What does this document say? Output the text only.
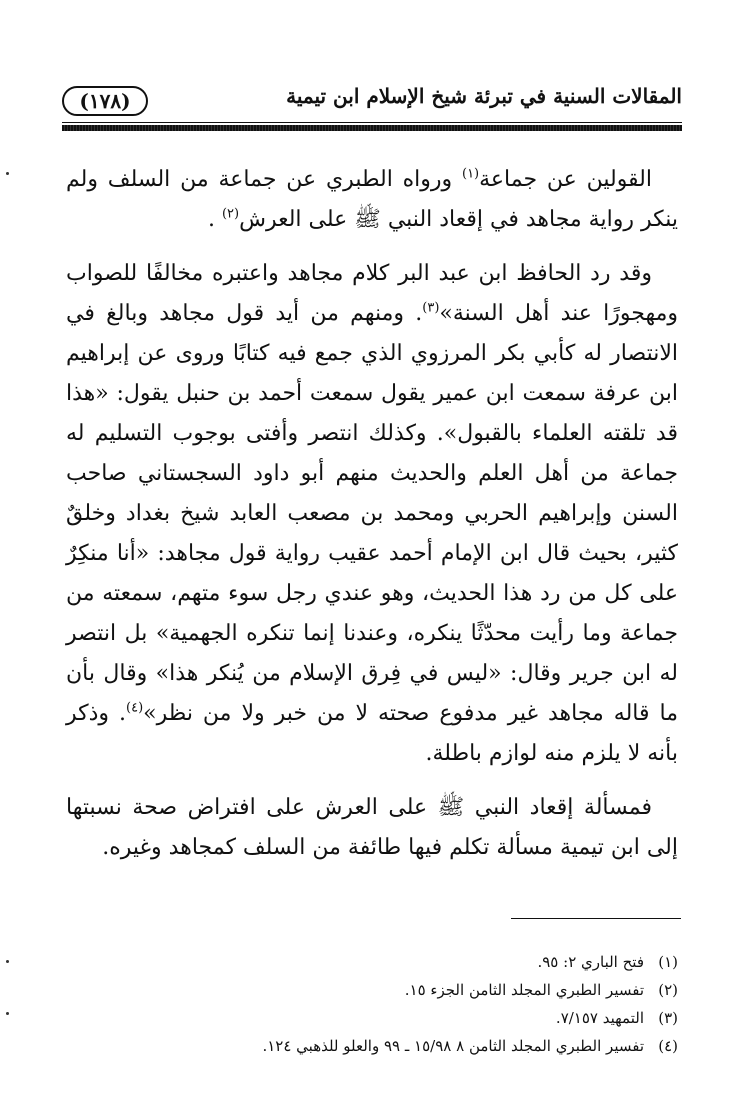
(١٧٨)	المقالات السنية في تبرئة شيخ الإسلام ابن تيمية

القولين عن جماعة$^{(١)}$ ورواه الطبري عن جماعة من السلف ولم ينكر رواية مجاهد في إقعاد النبي ﷺ على العرش$^{(٢)}$ .

وقد رد الحافظ ابن عبد البر كلام مجاهد واعتبره مخالفًا للصواب ومهجورًا عند أهل السنة»$^{(٣)}$. ومنهم من أيد قول مجاهد وبالغ في الانتصار له كأبي بكر المرزوي الذي جمع فيه كتابًا وروى عن إبراهيم ابن عرفة سمعت ابن عمير يقول سمعت أحمد بن حنبل يقول: «هذا قد تلقته العلماء بالقبول». وكذلك انتصر وأفتى بوجوب التسليم له جماعة من أهل العلم والحديث منهم أبو داود السجستاني صاحب السنن وإبراهيم الحربي ومحمد بن مصعب العابد شيخ بغداد وخلقٌ كثير، بحيث قال ابن الإمام أحمد عقيب رواية قول مجاهد: «أنا منكِرٌ على كل من رد هذا الحديث، وهو عندي رجل سوء متهم، سمعته من جماعة وما رأيت محدّثًا ينكره، وعندنا إنما تنكره الجهمية» بل انتصر له ابن جرير وقال: «ليس في فِرق الإسلام من يُنكر هذا» وقال بأن ما قاله مجاهد غير مدفوع صحته لا من خبر ولا من نظر»$^{(٤)}$. وذكر بأنه لا يلزم منه لوازم باطلة.

فمسألة إقعاد النبي ﷺ على العرش على افتراض صحة نسبتها إلى ابن تيمية مسألة تكلم فيها طائفة من السلف كمجاهد وغيره.

(١)
فتح الباري ٢: ٩٥.
(٢)
تفسير الطبري المجلد الثامن الجزء ١٥.
(٣)
التمهيد ٧/١٥٧.
(٤)
تفسير الطبري المجلد الثامن ٨ ١٥/٩٨ ـ ٩٩ والعلو للذهبي ١٢٤.
